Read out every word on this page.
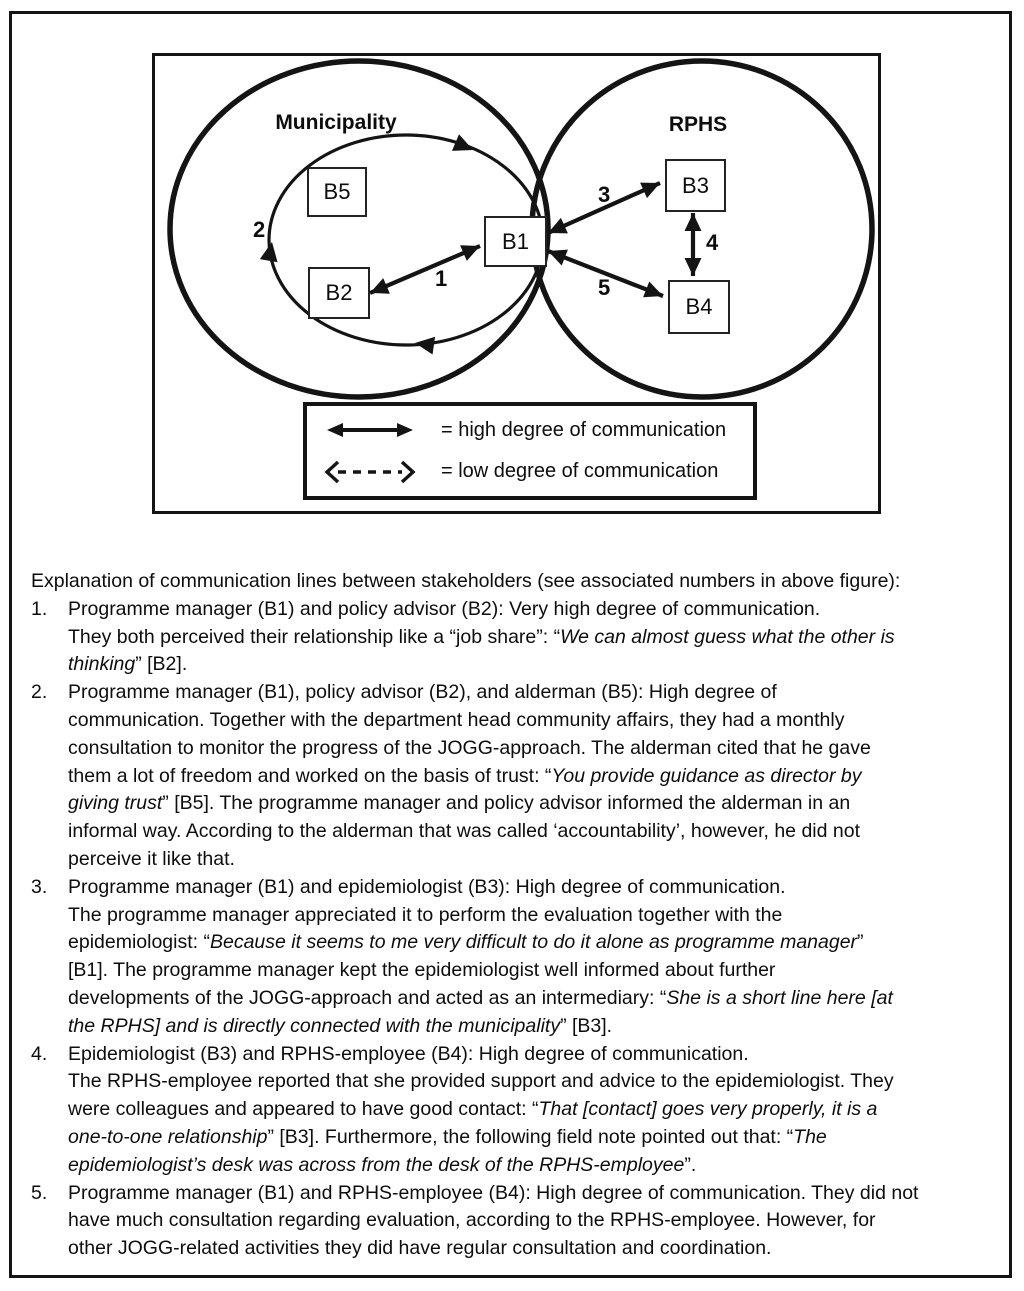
Municipality	RPHS
B5
B2
B1
B3
B4
2
1
3
4
5
= high degree of communication
= low degree of communication
Explanation of communication lines between stakeholders (see associated numbers in above figure):
1.	Programme manager (B1) and policy advisor (B2): Very high degree of communication.
They both perceived their relationship like a “job share”: “We can almost guess what the other is
thinking” [B2].
2.	Programme manager (B1), policy advisor (B2), and alderman (B5): High degree of
communication. Together with the department head community affairs, they had a monthly
consultation to monitor the progress of the JOGG-approach. The alderman cited that he gave
them a lot of freedom and worked on the basis of trust: “You provide guidance as director by
giving trust” [B5]. The programme manager and policy advisor informed the alderman in an
informal way. According to the alderman that was called ‘accountability’, however, he did not
perceive it like that.
3.	Programme manager (B1) and epidemiologist (B3): High degree of communication.
The programme manager appreciated it to perform the evaluation together with the
epidemiologist: “Because it seems to me very difficult to do it alone as programme manager”
[B1]. The programme manager kept the epidemiologist well informed about further
developments of the JOGG-approach and acted as an intermediary: “She is a short line here [at
the RPHS] and is directly connected with the municipality” [B3].
4.	Epidemiologist (B3) and RPHS-employee (B4): High degree of communication.
The RPHS-employee reported that she provided support and advice to the epidemiologist. They
were colleagues and appeared to have good contact: “That [contact] goes very properly, it is a
one-to-one relationship” [B3]. Furthermore, the following field note pointed out that: “The
epidemiologist’s desk was across from the desk of the RPHS-employee”.
5.	Programme manager (B1) and RPHS-employee (B4): High degree of communication. They did not
have much consultation regarding evaluation, according to the RPHS-employee. However, for
other JOGG-related activities they did have regular consultation and coordination.
